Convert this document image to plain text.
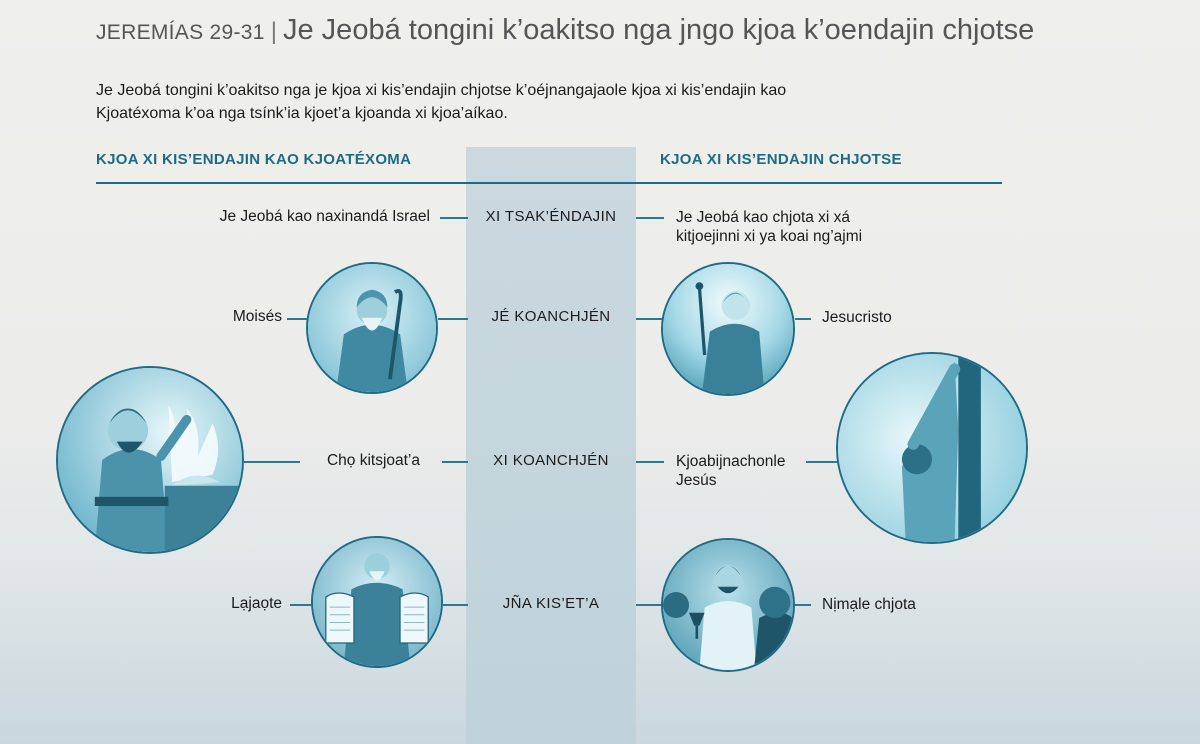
JEREMÍAS 29-31 | Je Jeobá tongini k’oakitso nga jngo kjoa k’oendajin chjotse
Je Jeobá tongini k’oakitso nga je kjoa xi kis’endajin chjotse k’oéjnangajaole kjoa xi kis’endajin kao
Kjoatéxoma k’oa nga tsínk’ia kjoet’a kjoanda xi kjoa’aíkao.
KJOA XI KIS’ENDAJIN KAO KJOATÉXOMA	KJOA XI KIS’ENDAJIN CHJOTSE
Je Jeobá kao naxinandá Israel	XI TSAK’ÉNDAJIN	Je Jeobá kao chjota xi xá
kitjoejinni xi ya koai ng’ajmi
Moisés	JÉ KOANCHJÉN	Jesucristo
Chọ kitsjoat’a	XI KOANCHJÉN	Kjoabijnachonle
Jesús
Lạjaọte	JÑA KIS’ET’A	Nịmạle chjota
